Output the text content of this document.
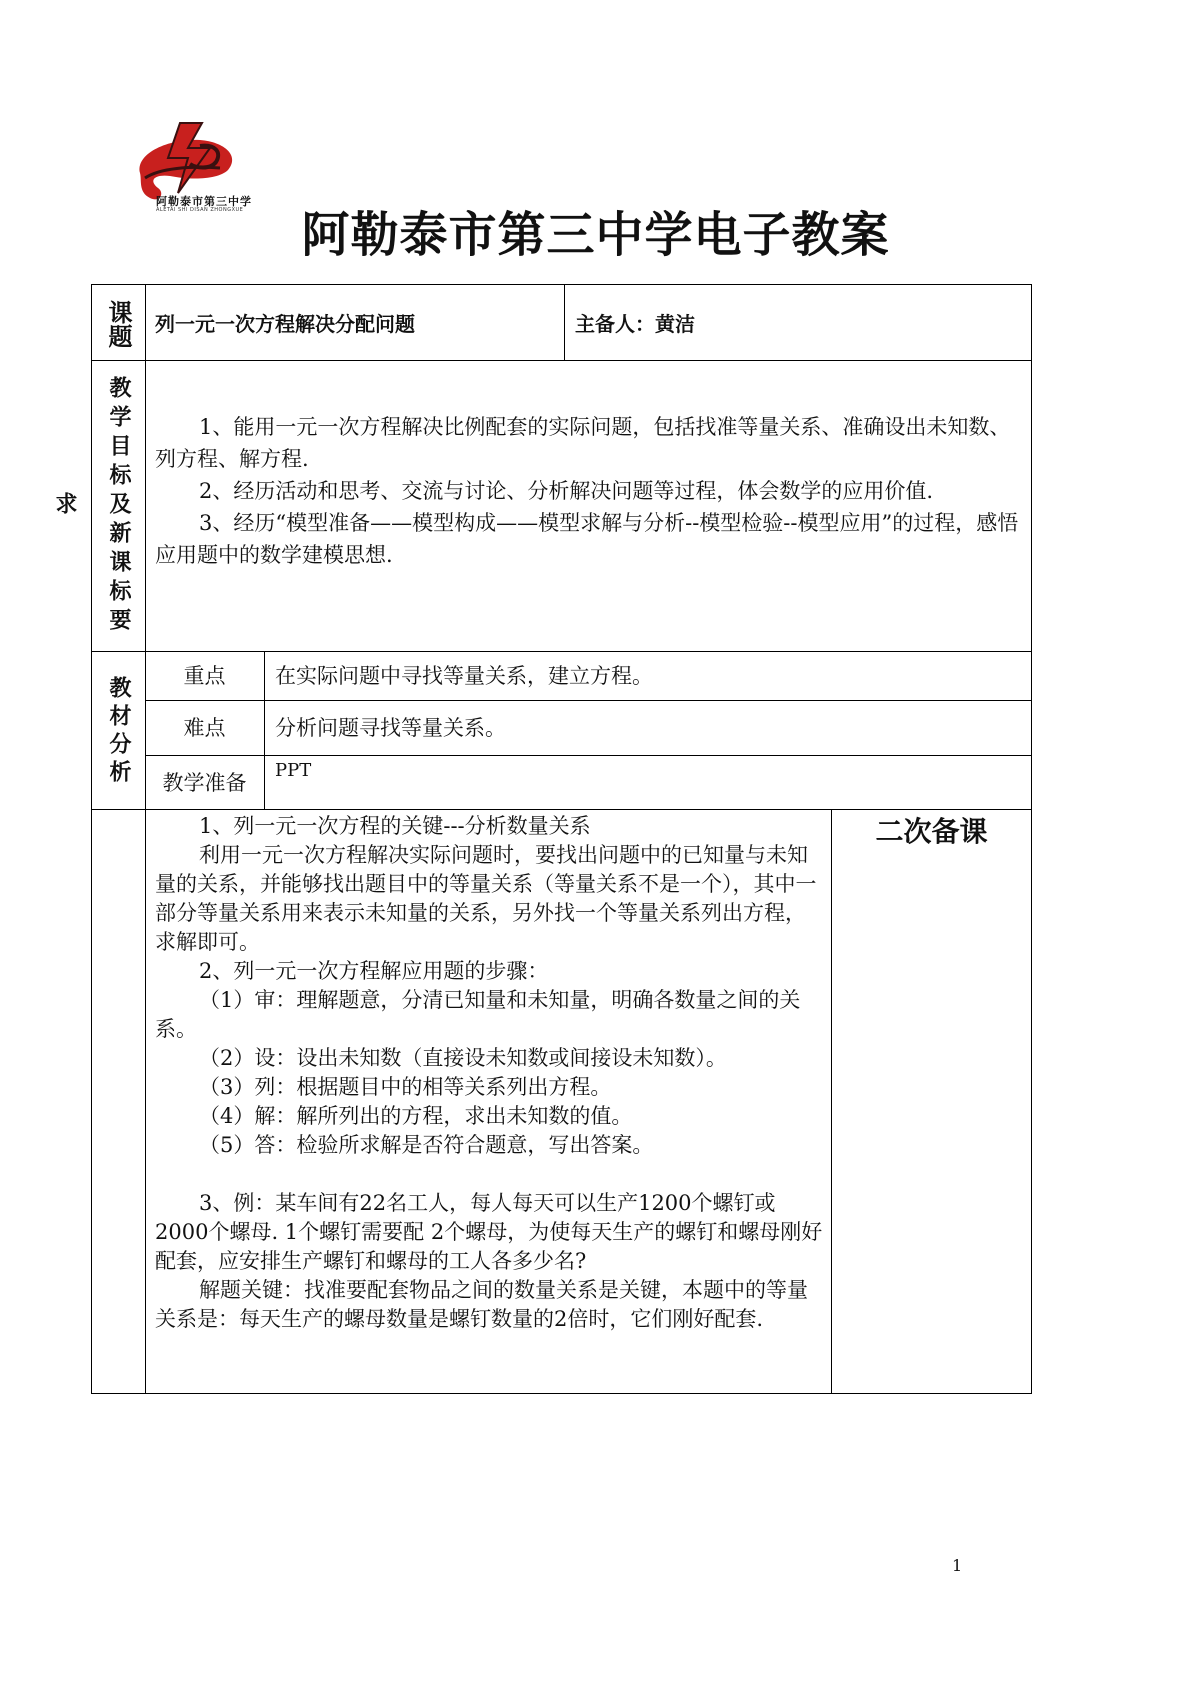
阿勒泰市第三中学
ALETAI SHI DISAN ZHONGXUE	阿勒泰市第三中学电子教案
课题	列一元一次方程解决分配问题	主备人：黄洁
教学目标及新课标要求

1、能用一元一次方程解决比例配套的实际问题，包括找准等量关系、准确设出未知数、列方程、解方程.

2、经历活动和思考、交流与讨论、分析解决问题等过程，体会数学的应用价值.

3、经历“模型准备——模型构成——模型求解与分析--模型检验--模型应用”的过程，感悟应用题中的数学建模思想.

教材分析	重点	在实际问题中寻找等量关系，建立方程。
难点	分析问题寻找等量关系。
教学准备
PPT

1、列一元一次方程的关键---分析数量关系

利用一元一次方程解决实际问题时，要找出问题中的已知量与未知量的关系，并能够找出题目中的等量关系（等量关系不是一个），其中一部分等量关系用来表示未知量的关系，另外找一个等量关系列出方程，求解即可。

2、列一元一次方程解应用题的步骤：

（1）审：理解题意，分清已知量和未知量，明确各数量之间的关系。

（2）设：设出未知数（直接设未知数或间接设未知数）。

（3）列：根据题目中的相等关系列出方程。

（4）解：解所列出的方程，求出未知数的值。

（5）答：检验所求解是否符合题意，写出答案。

3、例：某车间有22名工人，每人每天可以生产1200个螺钉或2000个螺母. 1个螺钉需要配 2个螺母，为使每天生产的螺钉和螺母刚好配套，应安排生产螺钉和螺母的工人各多少名?

解题关键：找准要配套物品之间的数量关系是关键，本题中的等量关系是：每天生产的螺母数量是螺钉数量的2倍时，它们刚好配套.

二次备课
1
